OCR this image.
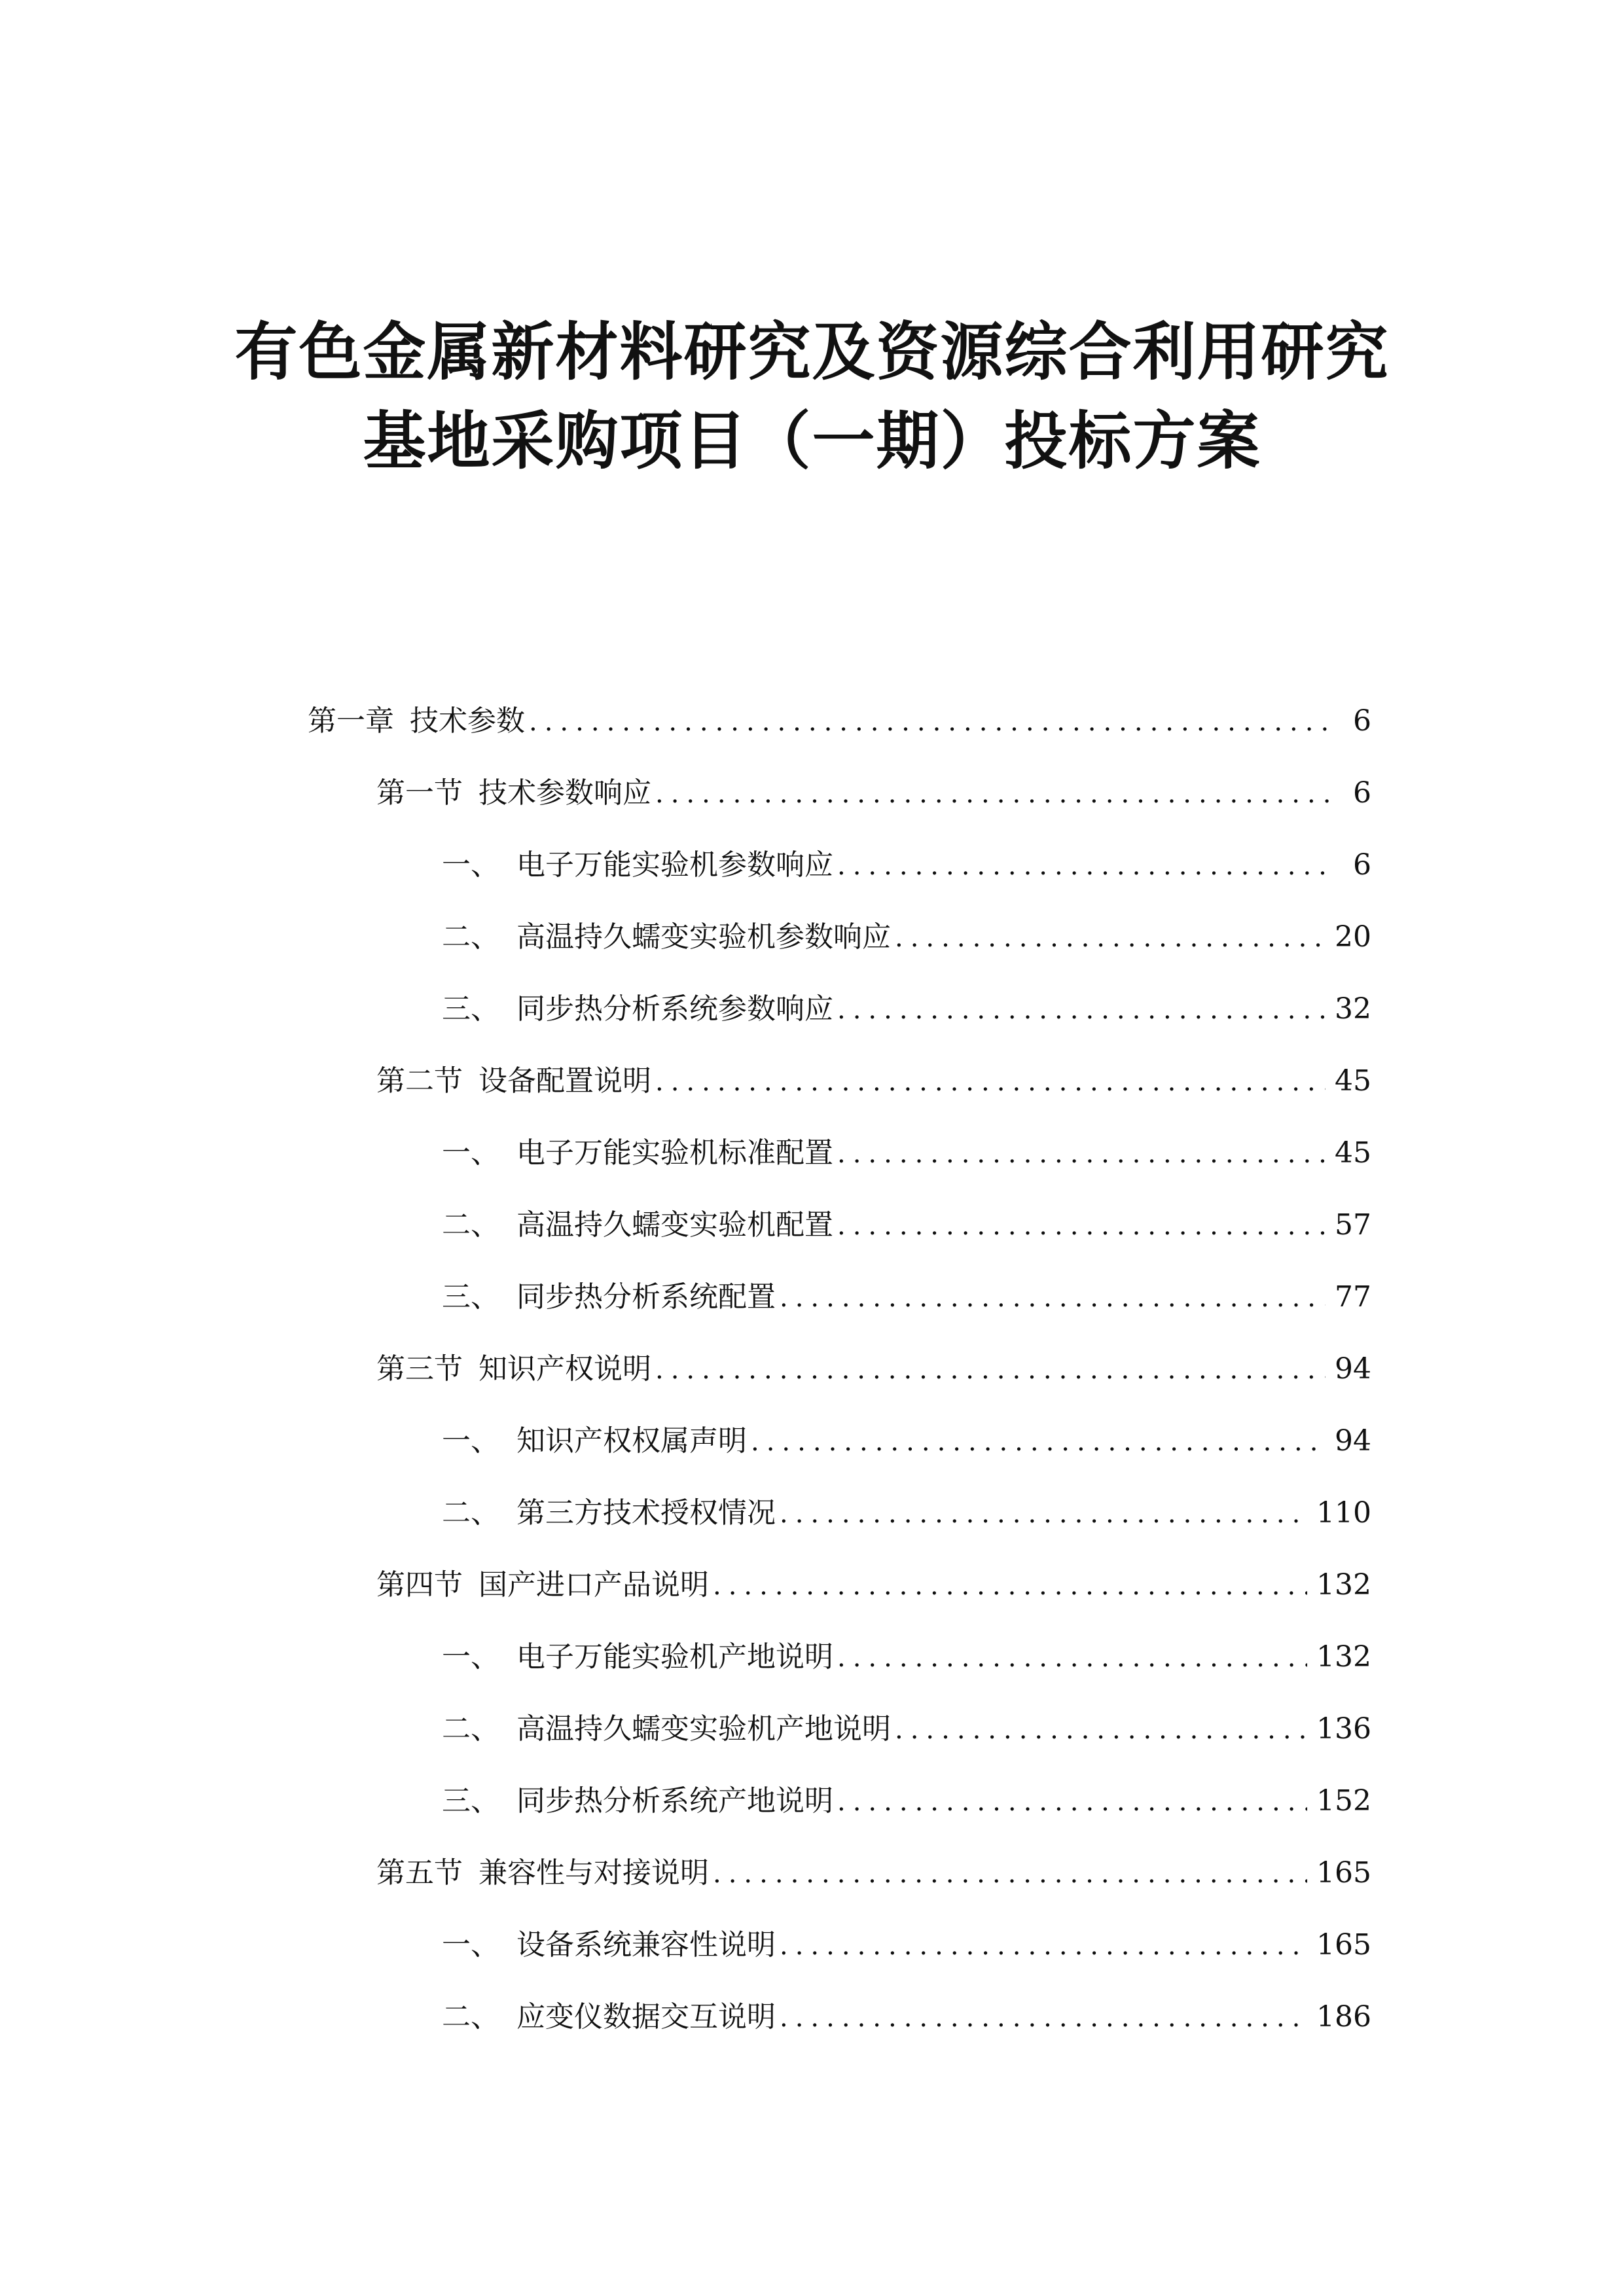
有色金属新材料研究及资源综合利用研究
基地采购项目（一期）投标方案
第一章 技术参数 .....	6
第一节 技术参数响应 .....	6
一、 电子万能实验机参数响应 .....	6
二、 高温持久蠕变实验机参数响应 .....	20
三、 同步热分析系统参数响应 .....	32
第二节 设备配置说明 .....	45
一、 电子万能实验机标准配置 .....	45
二、 高温持久蠕变实验机配置 .....	57
三、 同步热分析系统配置 .....	77
第三节 知识产权说明 .....	94
一、 知识产权权属声明 .....	94
二、 第三方技术授权情况 .....	110
第四节 国产进口产品说明 .....	132
一、 电子万能实验机产地说明 .....	132
二、 高温持久蠕变实验机产地说明 .....	136
三、 同步热分析系统产地说明 .....	152
第五节 兼容性与对接说明 .....	165
一、 设备系统兼容性说明 .....	165
二、 应变仪数据交互说明 .....	186
